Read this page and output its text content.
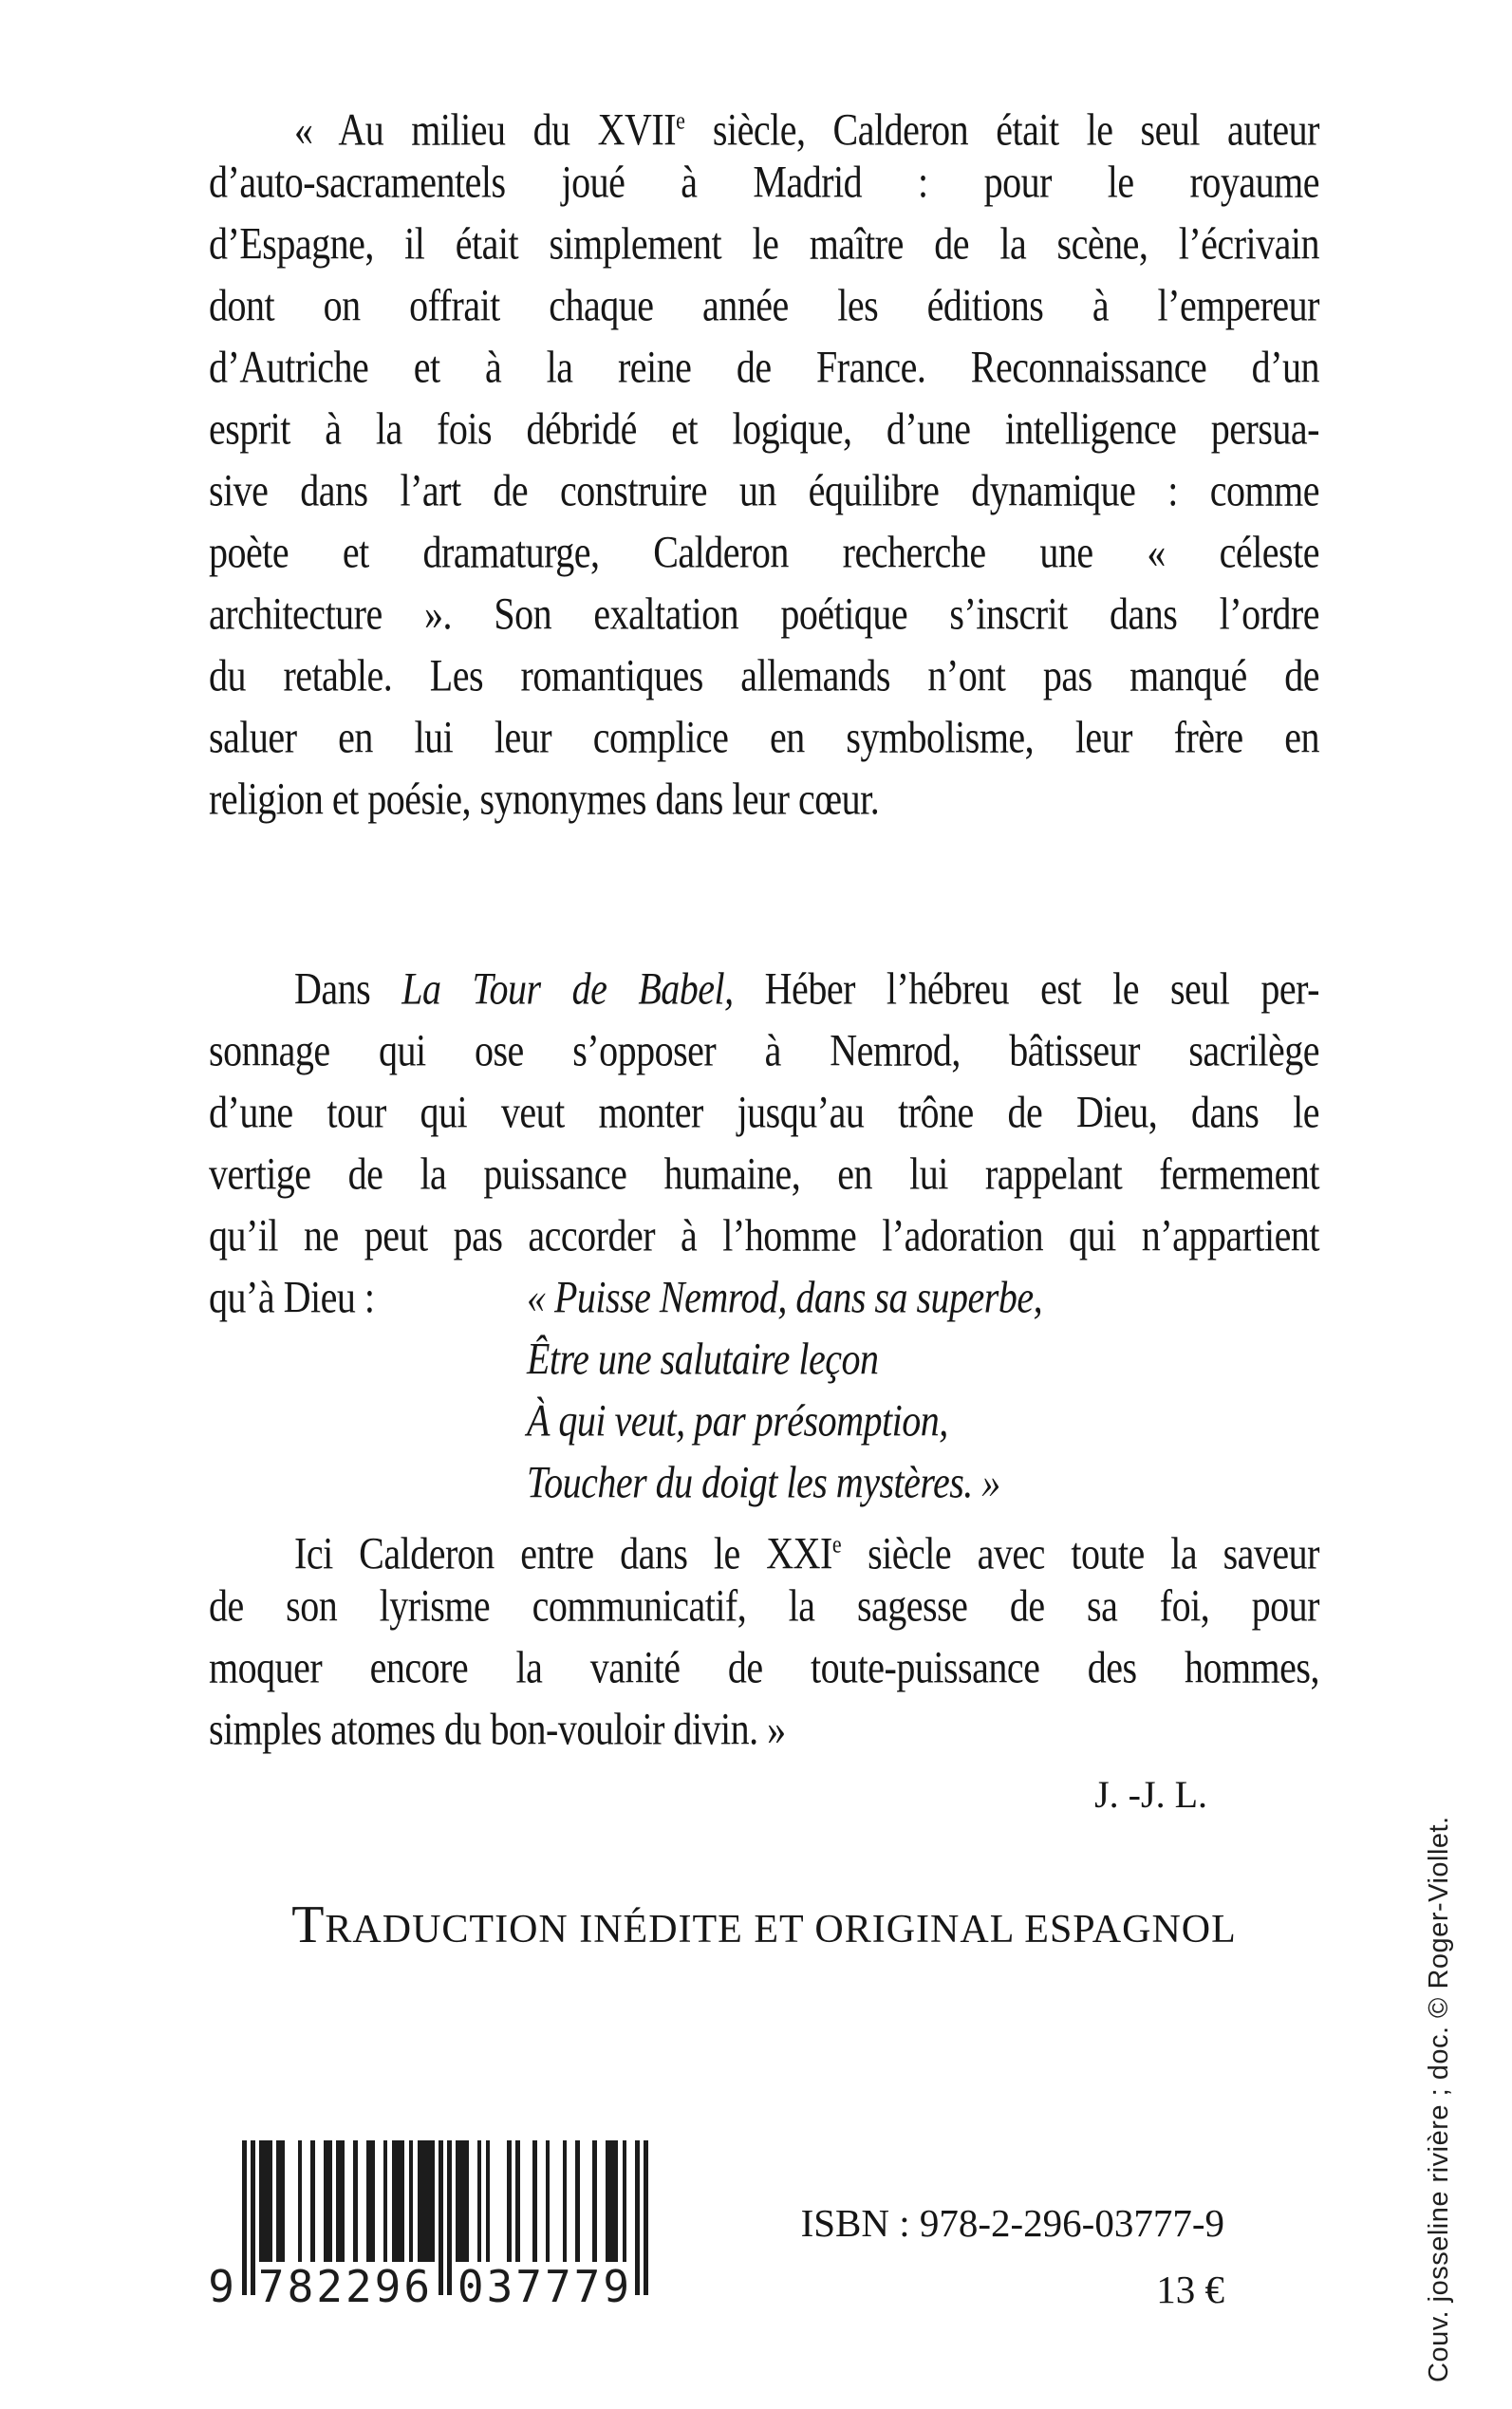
« Au milieu du XVIIe siècle, Calderon était le seul auteur
d’auto-sacramentels joué à Madrid : pour le royaume
d’Espagne, il était simplement le maître de la scène, l’écrivain
dont on offrait chaque année les éditions à l’empereur
d’Autriche et à la reine de France. Reconnaissance d’un
esprit à la fois débridé et logique, d’une intelligence persua-
sive dans l’art de construire un équilibre dynamique : comme
poète et dramaturge, Calderon recherche une « céleste
architecture ». Son exaltation poétique s’inscrit dans l’ordre
du retable. Les romantiques allemands n’ont pas manqué de
saluer en lui leur complice en symbolisme, leur frère en
religion et poésie, synonymes dans leur cœur.
Dans La Tour de Babel, Héber l’hébreu est le seul per-
sonnage qui ose s’opposer à Nemrod, bâtisseur sacrilège
d’une tour qui veut monter jusqu’au trône de Dieu, dans le
vertige de la puissance humaine, en lui rappelant fermement
qu’il ne peut pas accorder à l’homme l’adoration qui n’appartient
qu’à Dieu :	« Puisse Nemrod, dans sa superbe,
Être une salutaire leçon
À qui veut, par présomption,
Toucher du doigt les mystères. »
Ici Calderon entre dans le XXIe siècle avec toute la saveur
de son lyrisme communicatif, la sagesse de sa foi, pour
moquer encore la vanité de toute-puissance des hommes,
simples atomes du bon-vouloir divin. »
J. -J. L.
TRADUCTION INÉDITE ET ORIGINAL ESPAGNOL
9 782296 037779
ISBN : 978-2-296-03777-9
13 €	Couv. josseline rivière ; doc. © Roger-Viollet.
